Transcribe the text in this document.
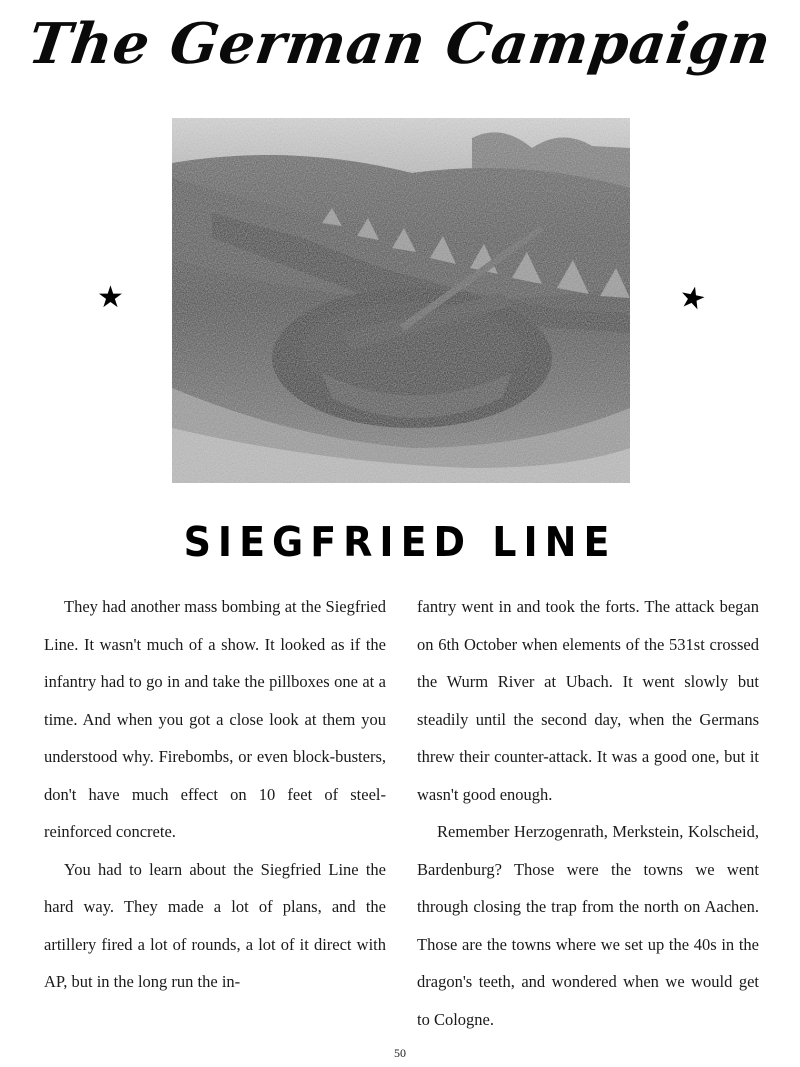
The German Campaign
★	★
SIEGFRIED LINE

They had another mass bombing at the Siegfried Line. It wasn't much of a show. It looked as if the infantry had to go in and take the pillboxes one at a time. And when you got a close look at them you understood why. Firebombs, or even block-busters, don't have much effect on 10 feet of steel-reinforced concrete.

You had to learn about the Siegfried Line the hard way. They made a lot of plans, and the artillery fired a lot of rounds, a lot of it direct with AP, but in the long run the in-

fantry went in and took the forts. The attack began on 6th October when elements of the 531st crossed the Wurm River at Ubach. It went slowly but steadily until the second day, when the Germans threw their counter-attack. It was a good one, but it wasn't good enough.

Remember Herzogenrath, Merkstein, Kolscheid, Bardenburg? Those were the towns we went through closing the trap from the north on Aachen. Those are the towns where we set up the 40s in the dragon's teeth, and wondered when we would get to Cologne.

50
